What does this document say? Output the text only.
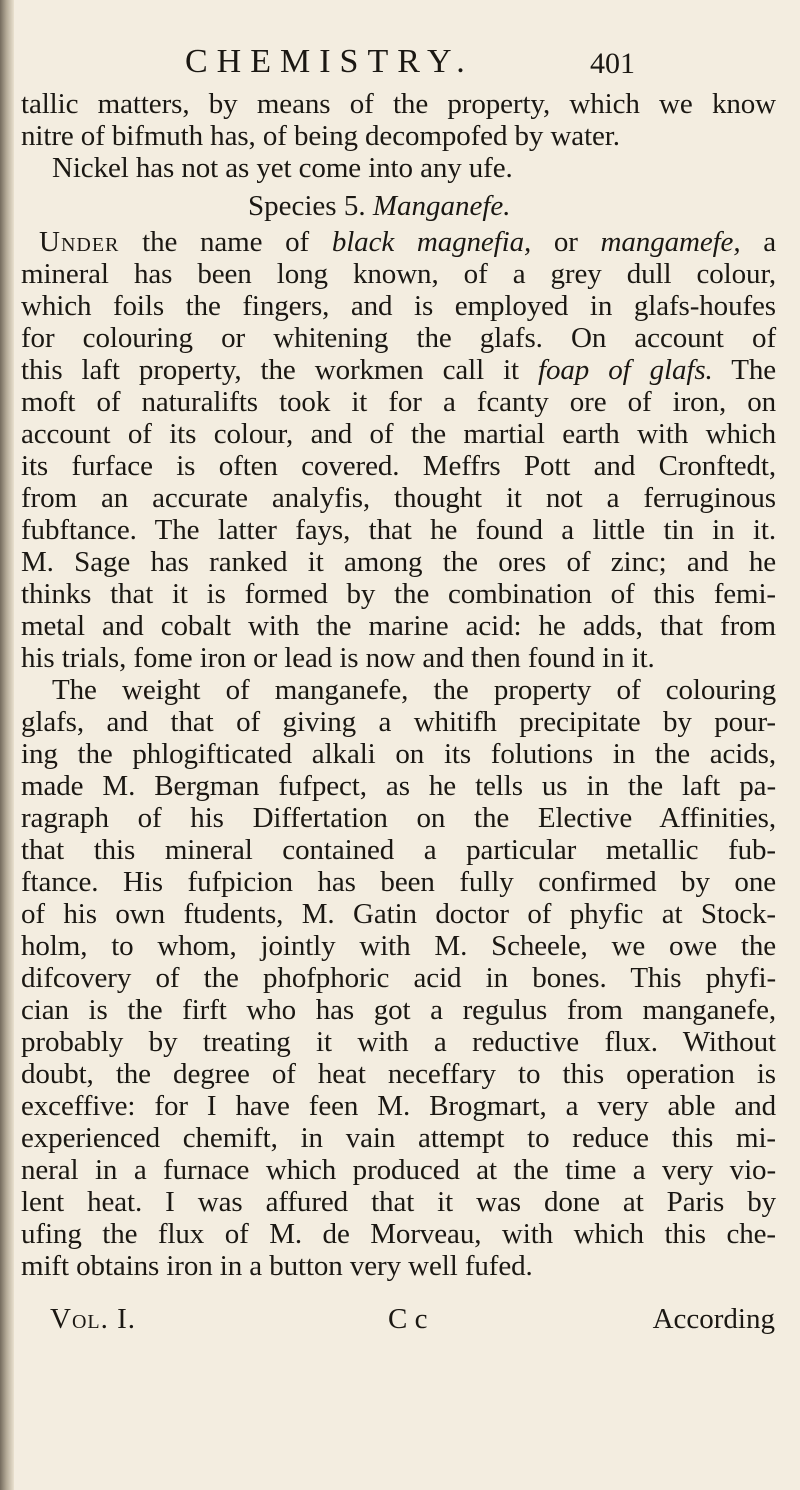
CHEMISTRY.	401
tallic matters, by means of the property, which we know
nitre of bifmuth has, of being decompofed by water.
Nickel has not as yet come into any ufe.
Species 5. Manganefe.
Under the name of black magnefia, or mangamefe, a
mineral has been long known, of a grey dull colour,
which foils the fingers, and is employed in glafs-houfes
for colouring or whitening the glafs. On account of
this laft property, the workmen call it foap of glafs. The
moft of naturalifts took it for a fcanty ore of iron, on
account of its colour, and of the martial earth with which
its furface is often covered. Meffrs Pott and Cronftedt,
from an accurate analyfis, thought it not a ferruginous
fubftance. The latter fays, that he found a little tin in it.
M. Sage has ranked it among the ores of zinc; and he
thinks that it is formed by the combination of this femi-
metal and cobalt with the marine acid: he adds, that from
his trials, fome iron or lead is now and then found in it.
The weight of manganefe, the property of colouring
glafs, and that of giving a whitifh precipitate by pour-
ing the phlogifticated alkali on its folutions in the acids,
made M. Bergman fufpect, as he tells us in the laft pa-
ragraph of his Differtation on the Elective Affinities,
that this mineral contained a particular metallic fub-
ftance. His fufpicion has been fully confirmed by one
of his own ftudents, M. Gatin doctor of phyfic at Stock-
holm, to whom, jointly with M. Scheele, we owe the
difcovery of the phofphoric acid in bones. This phyfi-
cian is the firft who has got a regulus from manganefe,
probably by treating it with a reductive flux. Without
doubt, the degree of heat neceffary to this operation is
exceffive: for I have feen M. Brogmart, a very able and
experienced chemift, in vain attempt to reduce this mi-
neral in a furnace which produced at the time a very vio-
lent heat. I was affured that it was done at Paris by
ufing the flux of M. de Morveau, with which this che-
mift obtains iron in a button very well fufed.
Vol. I.	C c	According
